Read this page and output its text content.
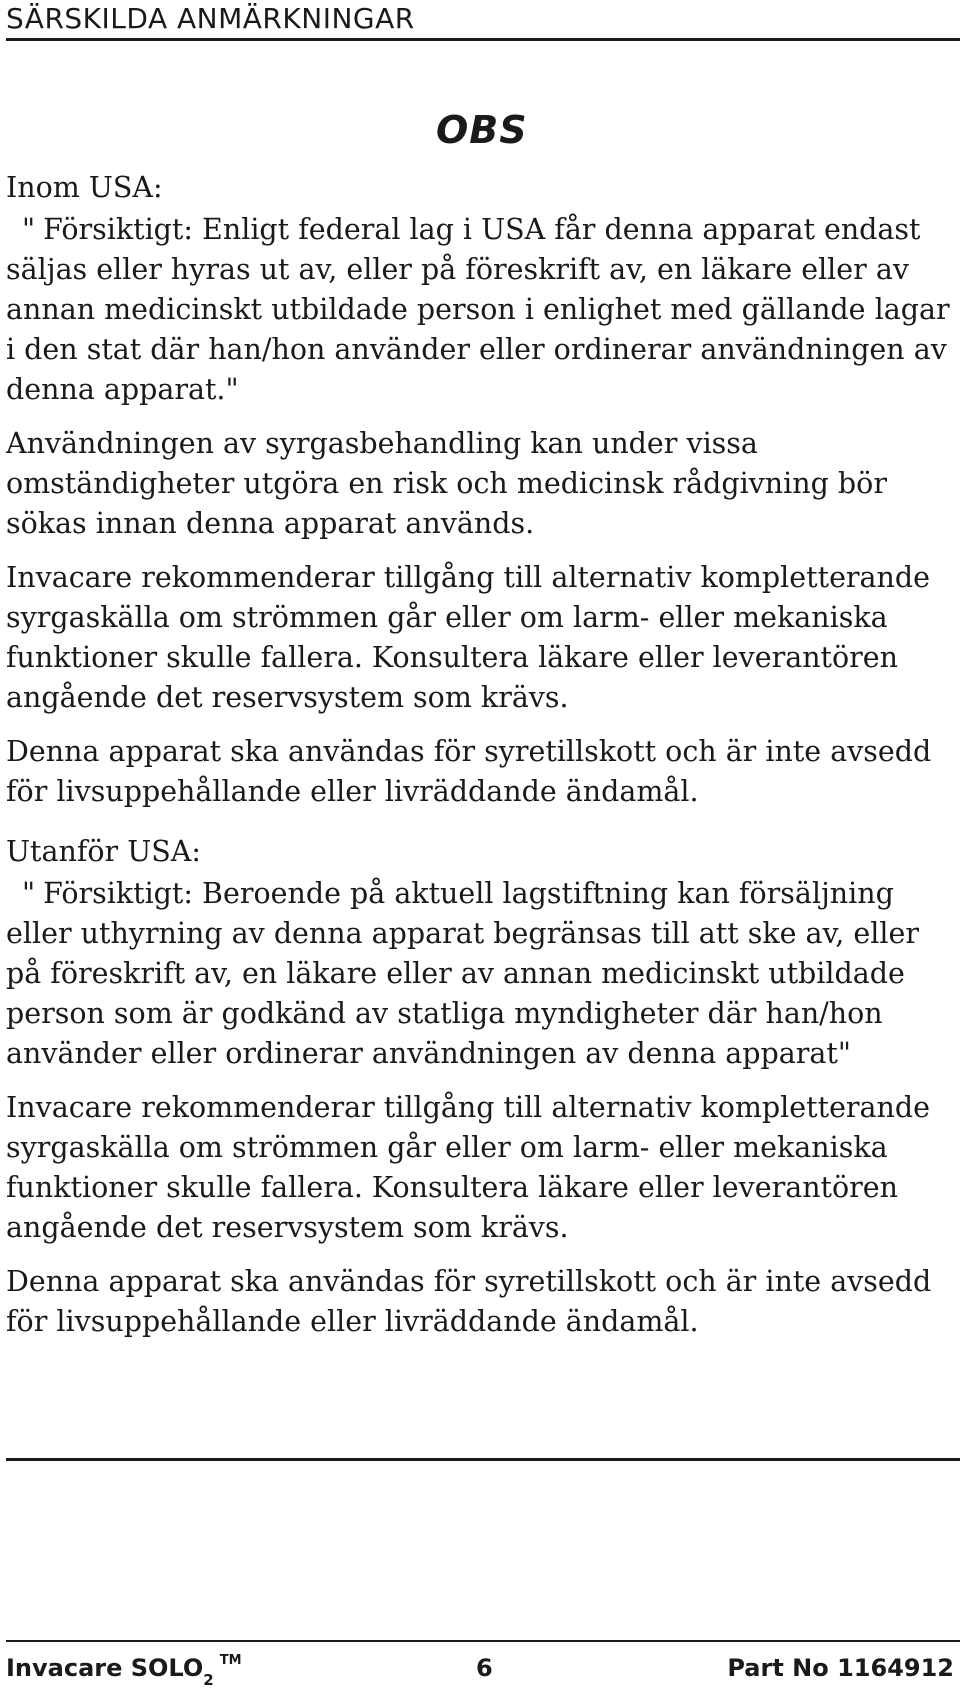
SÄRSKILDA ANMÄRKNINGAR
OBS

Inom USA:

" Försiktigt: Enligt federal lag i USA får denna apparat endast säljas eller hyras ut av, eller på föreskrift av, en läkare eller av annan medicinskt utbildade person i enlighet med gällande lagar i den stat där han/hon använder eller ordinerar användningen av denna apparat."

Användningen av syrgasbehandling kan under vissa omständigheter utgöra en risk och medicinsk rådgivning bör sökas innan denna apparat används.

Invacare rekommenderar tillgång till alternativ kompletterande syrgaskälla om strömmen går eller om larm- eller mekaniska funktioner skulle fallera. Konsultera läkare eller leverantören angående det reservsystem som krävs.

Denna apparat ska användas för syretillskott och är inte avsedd för livsuppehållande eller livräddande ändamål.

Utanför USA:

" Försiktigt: Beroende på aktuell lagstiftning kan försäljning eller uthyrning av denna apparat begränsas till att ske av, eller på föreskrift av, en läkare eller av annan medicinskt utbildade person som är godkänd av statliga myndigheter där han/hon använder eller ordinerar användningen av denna apparat"

Invacare rekommenderar tillgång till alternativ kompletterande syrgaskälla om strömmen går eller om larm- eller mekaniska funktioner skulle fallera. Konsultera läkare eller leverantören angående det reservsystem som krävs.

Denna apparat ska användas för syretillskott och är inte avsedd för livsuppehållande eller livräddande ändamål.

Invacare $SOLO_2™$	6	Part No 1164912
